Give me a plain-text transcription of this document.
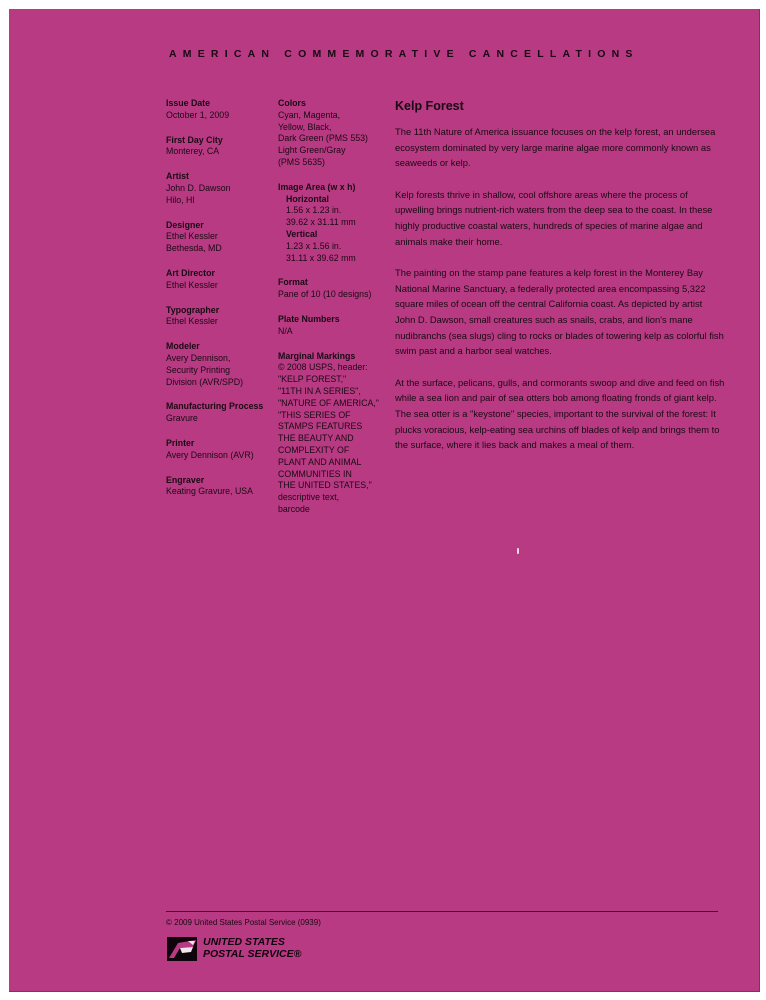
AMERICAN COMMEMORATIVE CANCELLATIONS
Issue Date
October 1, 2009
First Day City
Monterey, CA
Artist
John D. Dawson
Hilo, HI
Designer
Ethel Kessler
Bethesda, MD
Art Director
Ethel Kessler
Typographer
Ethel Kessler
Modeler
Avery Dennison,
Security Printing
Division (AVR/SPD)
Manufacturing Process
Gravure
Printer
Avery Dennison (AVR)
Engraver
Keating Gravure, USA
Colors
Cyan, Magenta,
Yellow, Black,
Dark Green (PMS 553)
Light Green/Gray
(PMS 5635)
Image Area (w x h)
Horizontal
1.56 x 1.23 in.
39.62 x 31.11 mm
Vertical
1.23 x 1.56 in.
31.11 x 39.62 mm
Format
Pane of 10 (10 designs)
Plate Numbers
N/A
Marginal Markings
© 2008 USPS, header:
"KELP FOREST,"
"11TH IN A SERIES",
"NATURE OF AMERICA,"
"THIS SERIES OF
STAMPS FEATURES
THE BEAUTY AND
COMPLEXITY OF
PLANT AND ANIMAL
COMMUNITIES IN
THE UNITED STATES,"
descriptive text,
barcode
Kelp Forest

The 11th Nature of America issuance focuses on the kelp forest, an undersea ecosystem dominated by very large marine algae more commonly known as seaweeds or kelp.

Kelp forests thrive in shallow, cool offshore areas where the process of upwelling brings nutrient-rich waters from the deep sea to the coast. In these highly productive coastal waters, hundreds of species of marine algae and animals make their home.

The painting on the stamp pane features a kelp forest in the Monterey Bay National Marine Sanctuary, a federally protected area encompassing 5,322 square miles of ocean off the central California coast. As depicted by artist John D. Dawson, small creatures such as snails, crabs, and lion's mane nudibranchs (sea slugs) cling to rocks or blades of towering kelp as colorful fish swim past and a harbor seal watches.

At the surface, pelicans, gulls, and cormorants swoop and dive and feed on fish while a sea lion and pair of sea otters bob among floating fronds of giant kelp. The sea otter is a "keystone" species, important to the survival of the forest: It plucks voracious, kelp-eating sea urchins off blades of kelp and brings them to the surface, where it lies back and makes a meal of them.

© 2009 United States Postal Service (0939)
UNITED STATES
POSTAL SERVICE®
